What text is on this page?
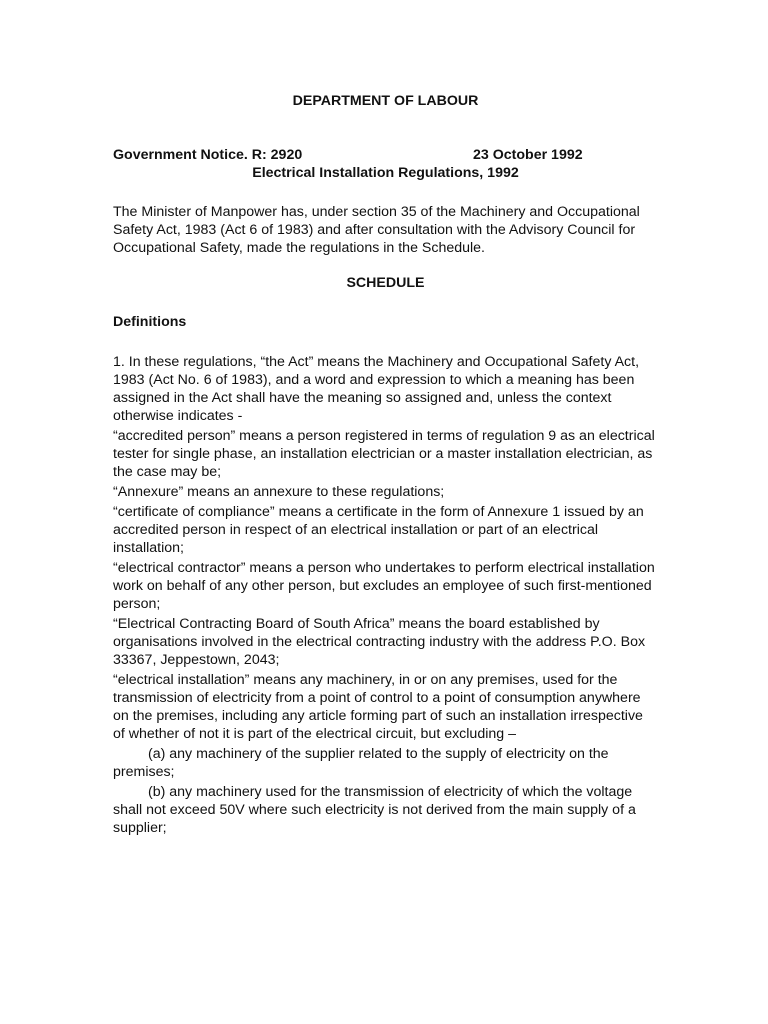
DEPARTMENT OF LABOUR

Government Notice. R: 2920	23 October 1992

Electrical Installation Regulations, 1992

The Minister of Manpower has, under section 35 of the Machinery and Occupational Safety Act, 1983 (Act 6 of 1983) and after consultation with the Advisory Council for Occupational Safety, made the regulations in the Schedule.

SCHEDULE

Definitions

1. In these regulations, “the Act” means the Machinery and Occupational Safety Act, 1983 (Act No. 6 of 1983), and a word and expression to which a meaning has been assigned in the Act shall have the meaning so assigned and, unless the context otherwise indicates -

“accredited person” means a person registered in terms of regulation 9 as an electrical tester for single phase, an installation electrician or a master installation electrician, as the case may be;

“Annexure” means an annexure to these regulations;

“certificate of compliance” means a certificate in the form of Annexure 1 issued by an accredited person in respect of an electrical installation or part of an electrical installation;

“electrical contractor” means a person who undertakes to perform electrical installation work on behalf of any other person, but excludes an employee of such first-mentioned person;

“Electrical Contracting Board of South Africa” means the board established by organisations involved in the electrical contracting industry with the address P.O. Box 33367, Jeppestown, 2043;

“electrical installation” means any machinery, in or on any premises, used for the transmission of electricity from a point of control to a point of consumption anywhere on the premises, including any article forming part of such an installation irrespective of whether of not it is part of the electrical circuit, but excluding –

(a) any machinery of the supplier related to the supply of electricity on the premises;

(b) any machinery used for the transmission of electricity of which the voltage shall not exceed 50V where such electricity is not derived from the main supply of a supplier;
